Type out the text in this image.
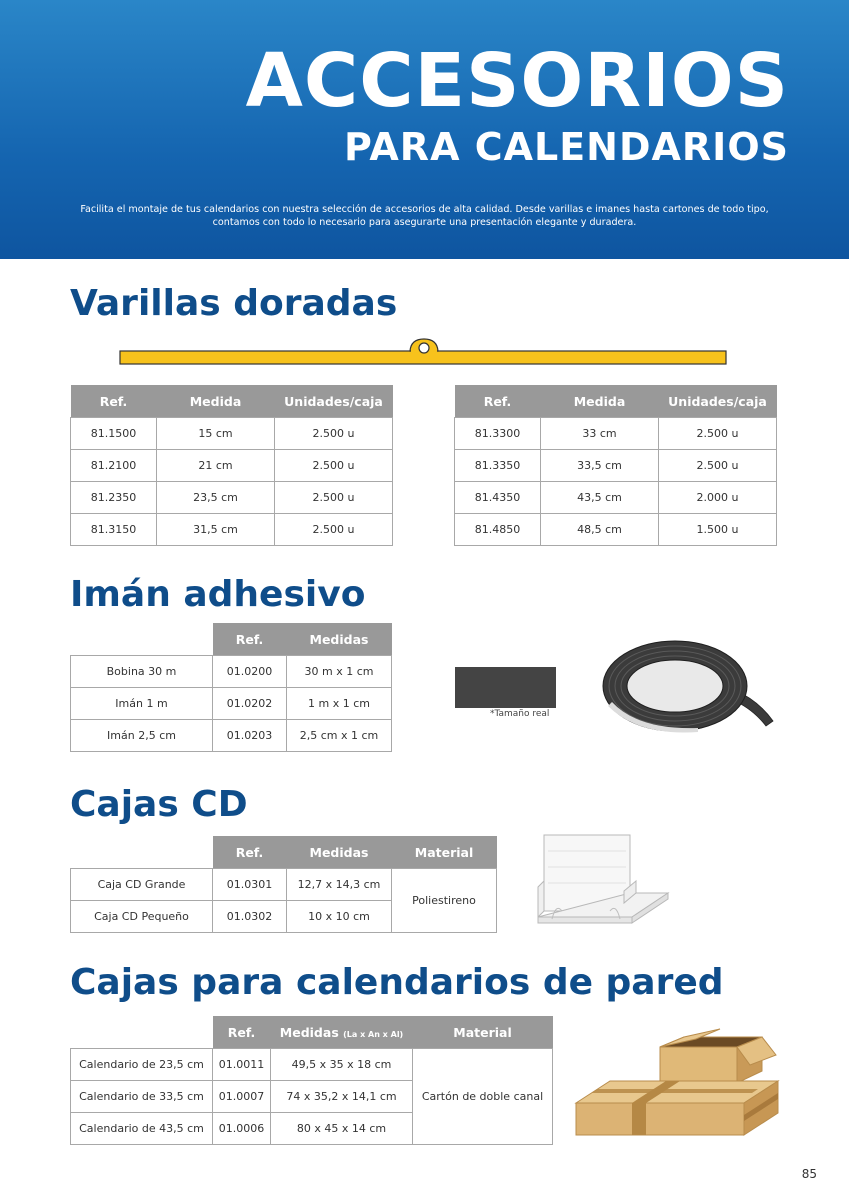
ACCESORIOS
PARA CALENDARIOS

Facilita el montaje de tus calendarios con nuestra selección de accesorios de alta calidad. Desde varillas e imanes hasta cartones de todo tipo,
contamos con todo lo necesario para asegurarte una presentación elegante y duradera.

Varillas doradas
Ref.	Medida	Unidades/caja
81.1500	15 cm	2.500 u
81.2100	21 cm	2.500 u
81.2350	23,5 cm	2.500 u
81.3150	31,5 cm	2.500 u
Ref.	Medida	Unidades/caja
81.3300	33 cm	2.500 u
81.3350	33,5 cm	2.500 u
81.4350	43,5 cm	2.000 u
81.4850	48,5 cm	1.500 u
Imán adhesivo
	Ref.	Medidas
Bobina 30 m	01.0200	30 m x 1 cm
Imán 1 m	01.0202	1 m x 1 cm
Imán 2,5 cm	01.0203	2,5 cm x 1 cm
*Tamaño real
Cajas CD
	Ref.	Medidas	Material
Caja CD Grande	01.0301	12,7 x 14,3 cm	Poliestireno
Caja CD Pequeño	01.0302	10 x 10 cm	
Cajas para calendarios de pared
	Ref.	Medidas (La x An x Al)	Material
Calendario de 23,5 cm	01.0011	49,5 x 35 x 18 cm	Cartón de doble canal
Calendario de 33,5 cm	01.0007	74 x 35,2 x 14,1 cm	
Calendario de 43,5 cm	01.0006	80 x 45 x 14 cm	
85
